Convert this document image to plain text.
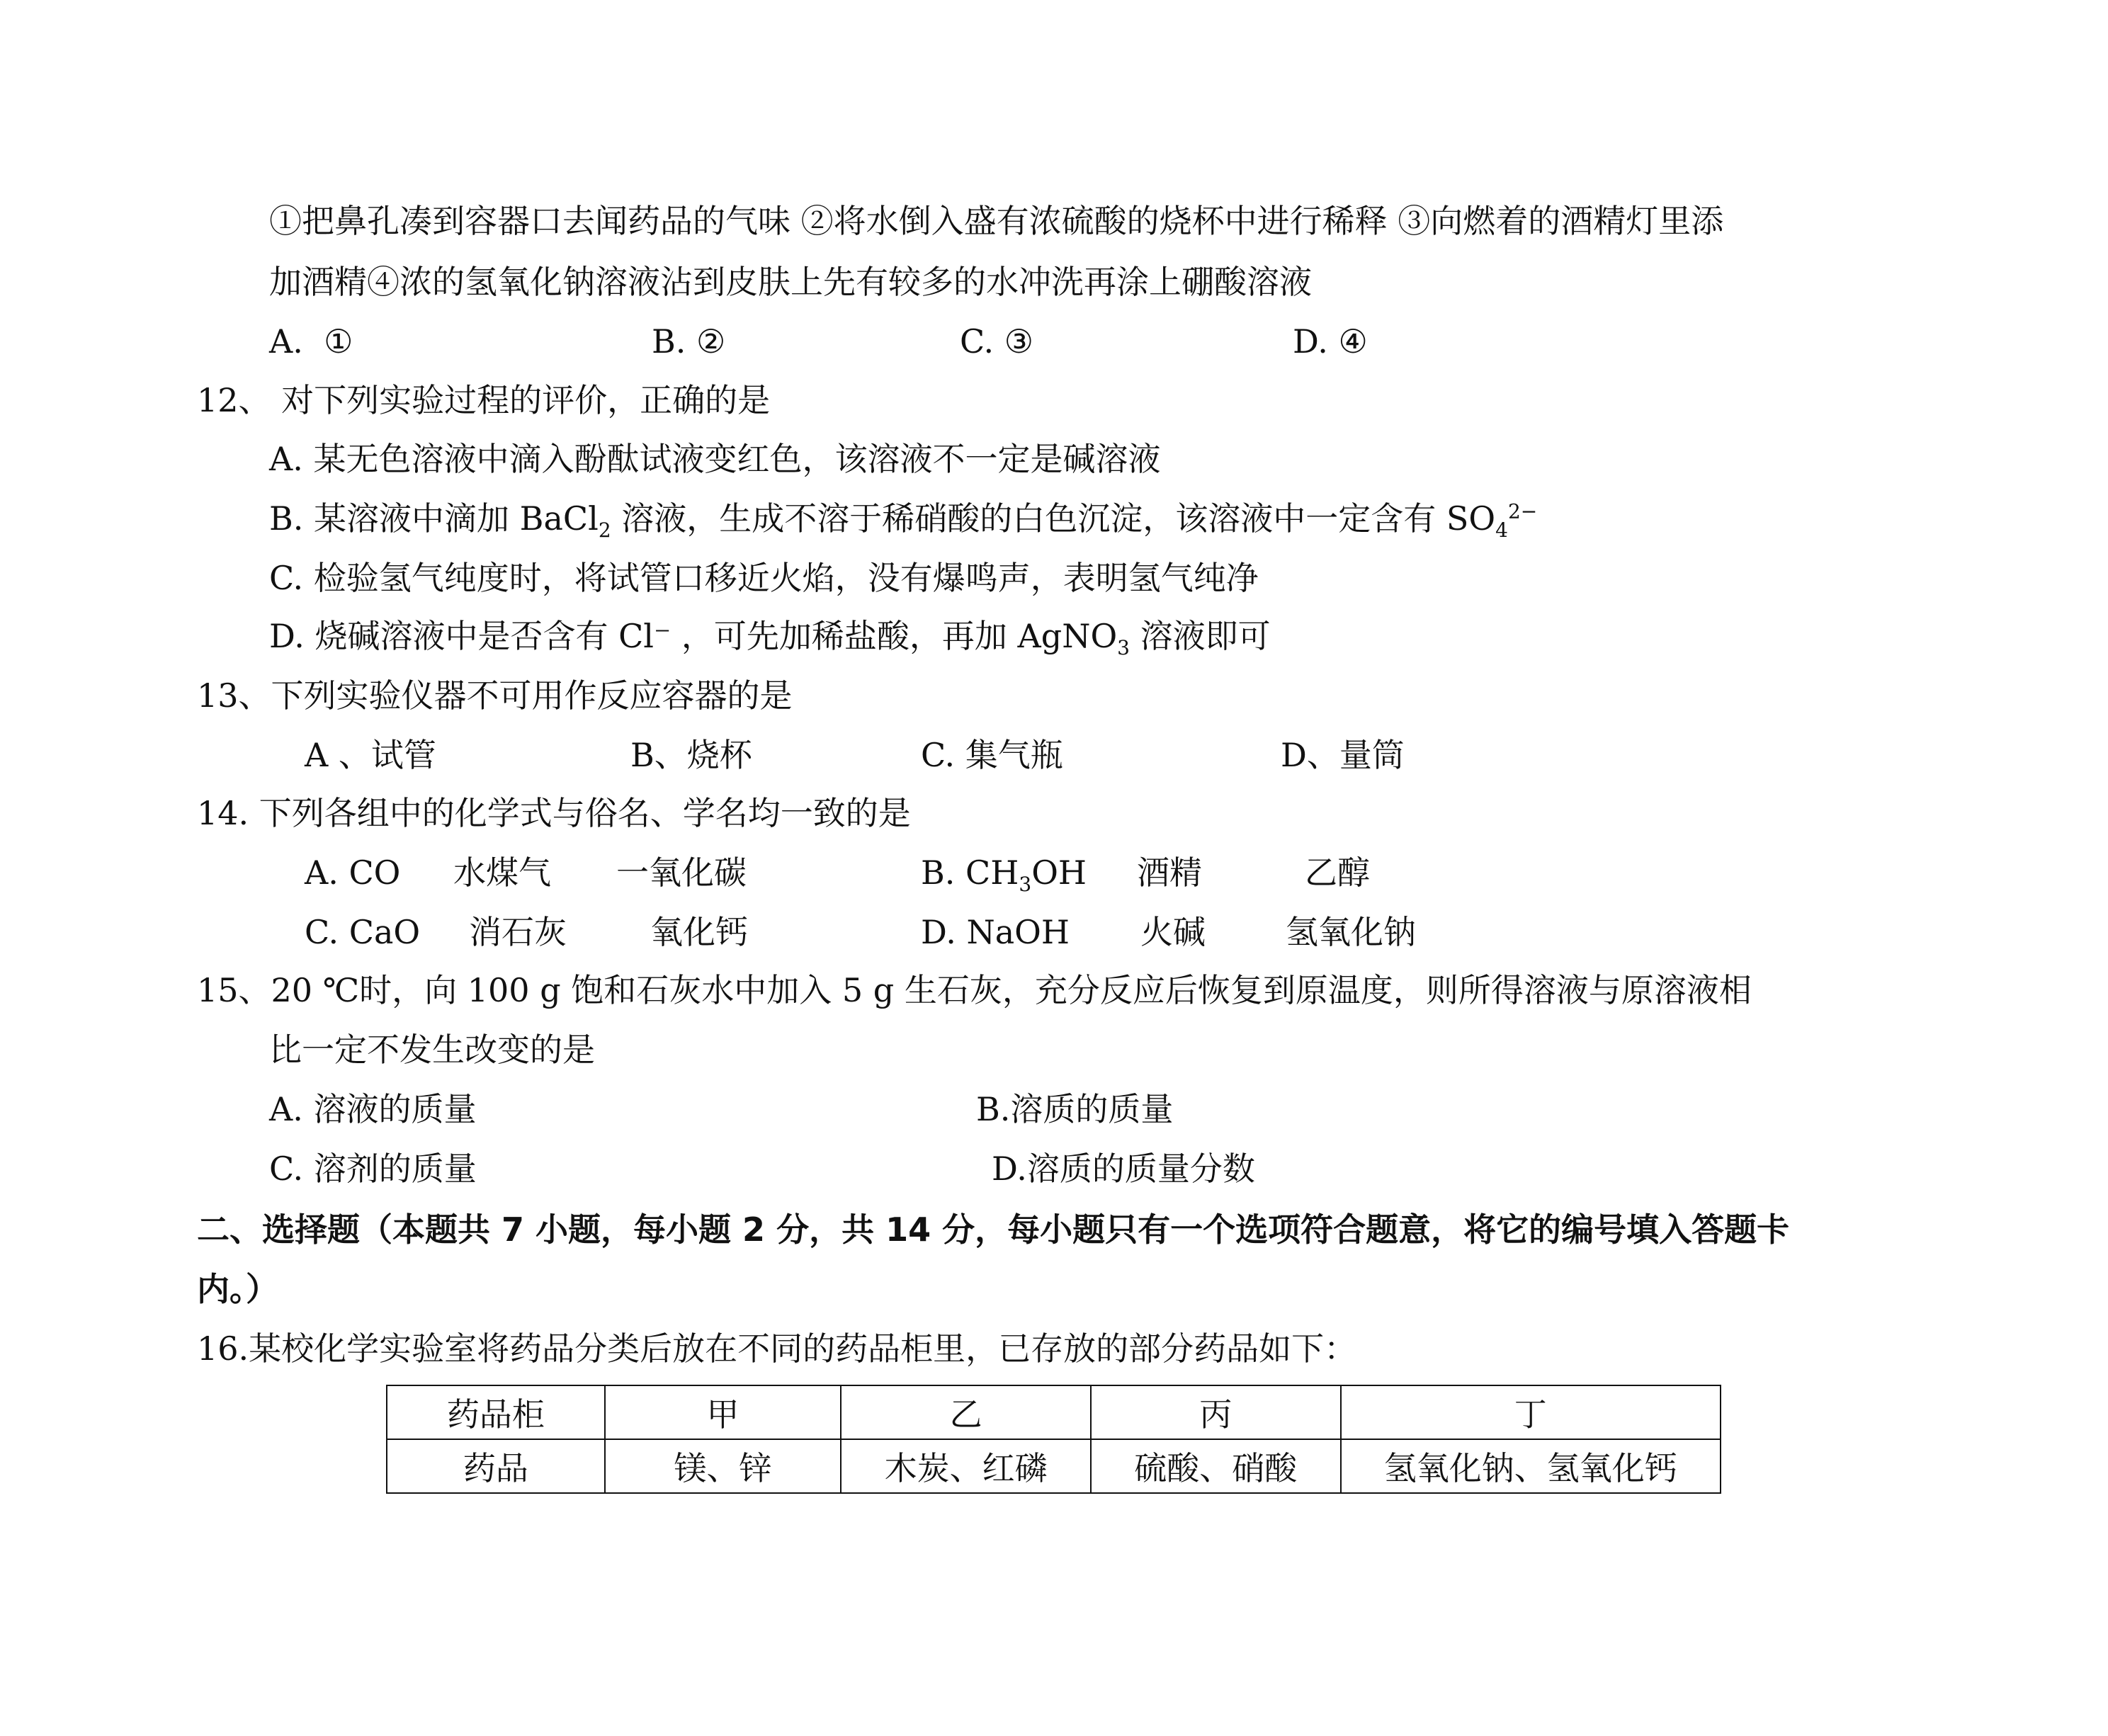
①把鼻孔凑到容器口去闻药品的气味 ②将水倒入盛有浓硫酸的烧杯中进行稀释 ③向燃着的酒精灯里添
加酒精④浓的氢氧化钠溶液沾到皮肤上先有较多的水冲洗再涂上硼酸溶液
A.  ①	B. ②	C. ③	D. ④
12、 对下列实验过程的评价，正确的是
A. 某无色溶液中滴入酚酞试液变红色，该溶液不一定是碱溶液
B. 某溶液中滴加 BaCl$_2$ 溶液，生成不溶于稀硝酸的白色沉淀，该溶液中一定含有 $SO_4^{2-}$
C. 检验氢气纯度时，将试管口移近火焰，没有爆鸣声，表明氢气纯净
D. 烧碱溶液中是否含有 Cl⁻ ，可先加稀盐酸，再加 AgNO$_3$ 溶液即可
13、下列实验仪器不可用作反应容器的是
A 、试管	B、烧杯	C. 集气瓶	D、量筒
14. 下列各组中的化学式与俗名、学名均一致的是
A. CO 水煤气 一氧化碳	B. $CH_3OH$ 酒精	乙醇
C. CaO 消石灰	氧化钙	D. NaOH 火碱 氢氧化钠
15、20 ℃时，向 100 g 饱和石灰水中加入 5 g 生石灰，充分反应后恢复到原温度，则所得溶液与原溶液相
比一定不发生改变的是
A. 溶液的质量	B.溶质的质量
C. 溶剂的质量	D.溶质的质量分数
二、选择题（本题共 7 小题，每小题 2 分，共 14 分，每小题只有一个选项符合题意，将它的编号填入答题卡
内。）
16.某校化学实验室将药品分类后放在不同的药品柜里，已存放的部分药品如下：
药品柜	甲	乙	丙	丁
药品	镁、锌	木炭、红磷	硫酸、硝酸	氢氧化钠、氢氧化钙
